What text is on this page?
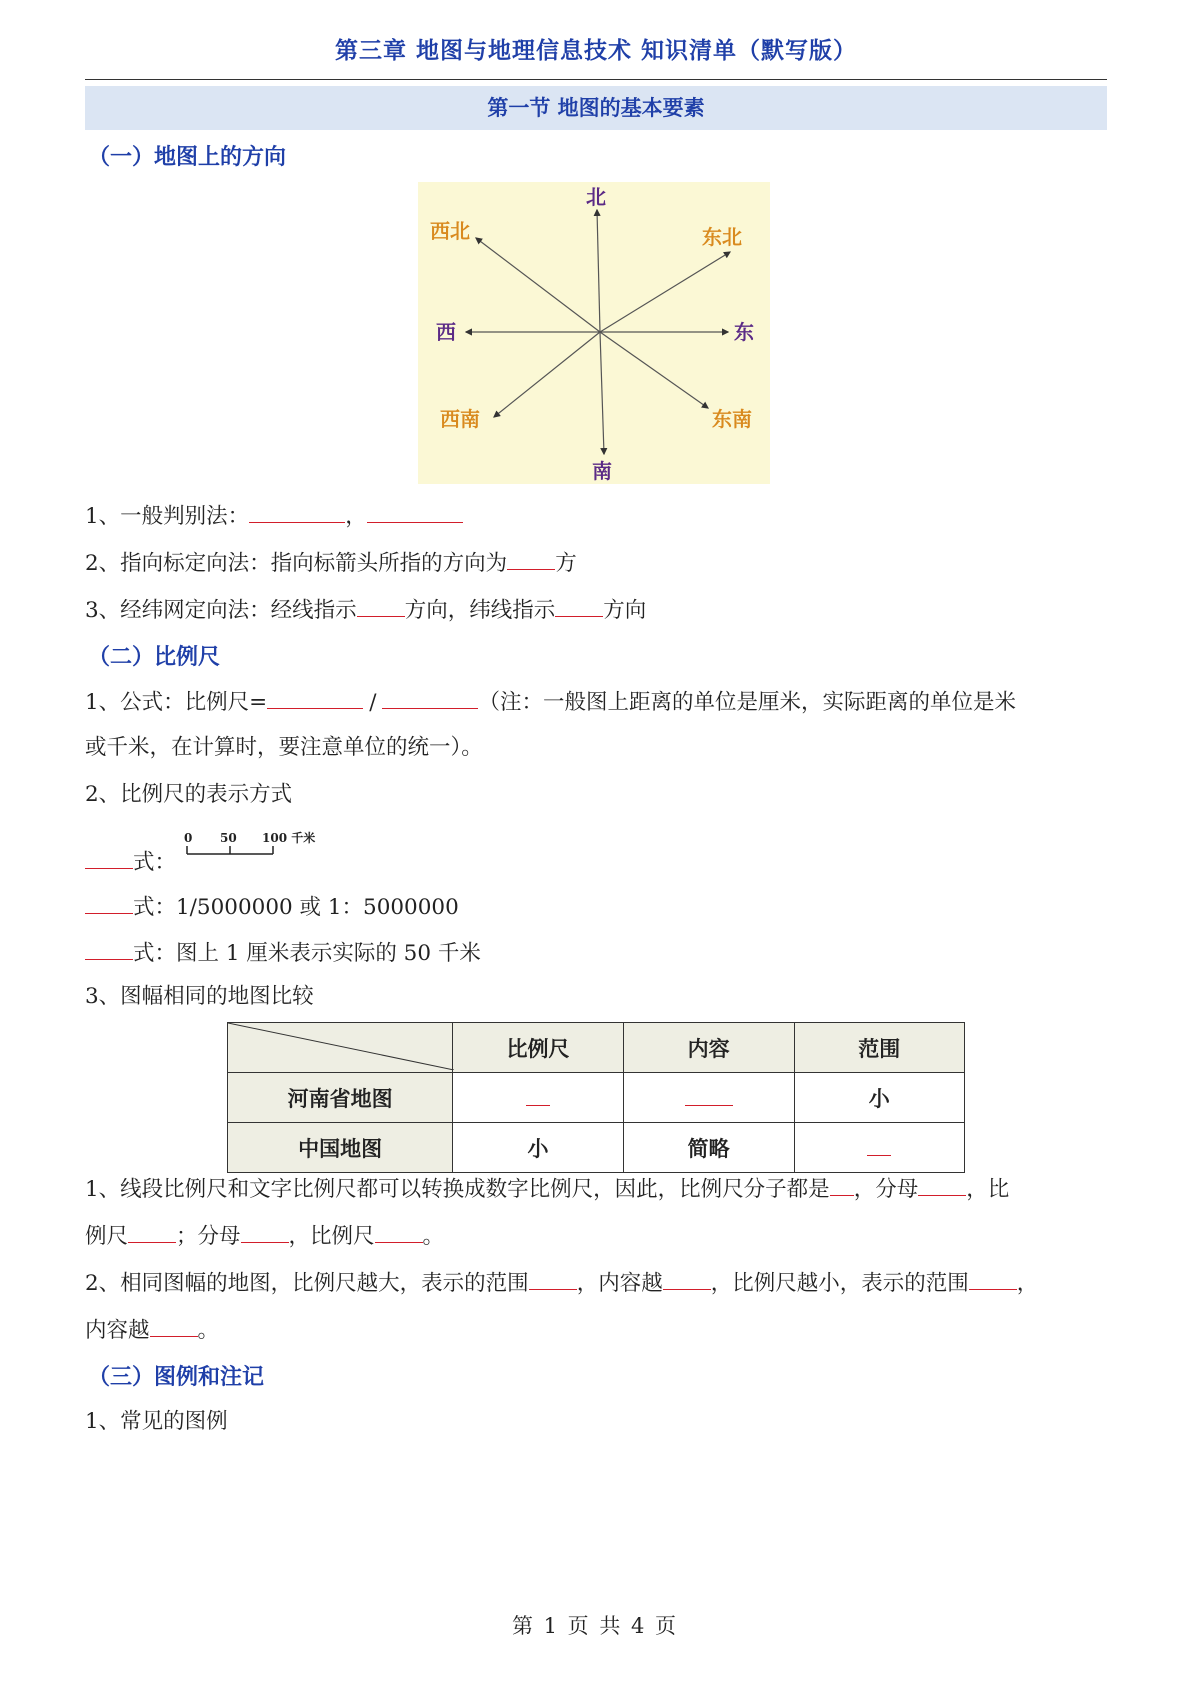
第三章 地图与地理信息技术 知识清单（默写版）
第一节 地图的基本要素
（一）地图上的方向
北
南
东
西
东北
西北
东南
西南
1、一般判别法：	，
2、指向标定向法：指向标箭头所指的方向为 方
3、经纬网定向法：经线指示 方向，纬线指示 方向
（二）比例尺
1、公式：比例尺=	/	（注：一般图上距离的单位是厘米，实际距离的单位是米
或千米，在计算时，要注意单位的统一）。
2、比例尺的表示方式
0 50 100 千米
式：
式：1/5000000 或 1：5000000
式：图上 1 厘米表示实际的 50 千米
3、图幅相同的地图比较
	比例尺	内容	范围
河南省地图			小
中国地图	小	简略	
1、线段比例尺和文字比例尺都可以转换成数字比例尺，因此，比例尺分子都是 ，分母 ，比
例尺 ；分母 ，比例尺 。
2、相同图幅的地图，比例尺越大，表示的范围 ，内容越 ，比例尺越小，表示的范围 ，
内容越 。
（三）图例和注记
1、常见的图例
第 1 页 共 4 页
